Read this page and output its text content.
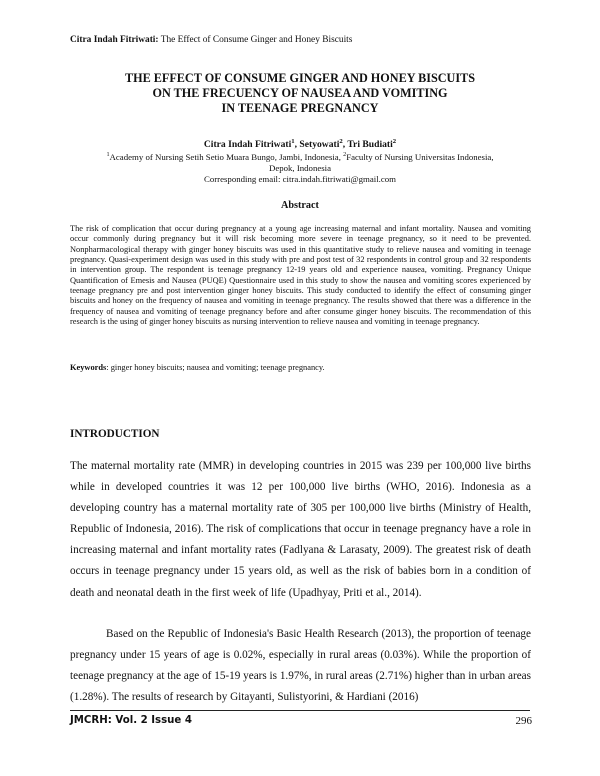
Citra Indah Fitriwati: The Effect of Consume Ginger and Honey Biscuits
THE EFFECT OF CONSUME GINGER AND HONEY BISCUITS
ON THE FRECUENCY OF NAUSEA AND VOMITING
IN TEENAGE PREGNANCY
Citra Indah Fitriwati$^1$, Setyowati$^2$, Tri Budiati$^2$
$^1$Academy of Nursing Setih Setio Muara Bungo, Jambi, Indonesia, $^2$Faculty of Nursing Universitas Indonesia,
Depok, Indonesia
Corresponding email: citra.indah.fitriwati@gmail.com
Abstract
The risk of complication that occur during pregnancy at a young age increasing maternal and infant mortality. Nausea and vomiting occur commonly during pregnancy but it will risk becoming more severe in teenage pregnancy, so it need to be prevented. Nonpharmacological therapy with ginger honey biscuits was used in this quantitative study to relieve nausea and vomiting in teenage pregnancy. Quasi-experiment design was used in this study with pre and post test of 32 respondents in control group and 32 respondents in intervention group. The respondent is teenage pregnancy 12-19 years old and experience nausea, vomiting. Pregnancy Unique Quantification of Emesis and Nausea (PUQE) Questionnaire used in this study to show the nausea and vomiting scores experienced by teenage pregnancy pre and post intervention ginger honey biscuits. This study conducted to identify the effect of consuming ginger biscuits and honey on the frequency of nausea and vomiting in teenage pregnancy. The results showed that there was a difference in the frequency of nausea and vomiting of teenage pregnancy before and after consume ginger honey biscuits. The recommendation of this research is the using of ginger honey biscuits as nursing intervention to relieve nausea and vomiting in teenage pregnancy.
Keywords: ginger honey biscuits; nausea and vomiting; teenage pregnancy.
INTRODUCTION
The maternal mortality rate (MMR) in developing countries in 2015 was 239 per 100,000 live births while in developed countries it was 12 per 100,000 live births (WHO, 2016). Indonesia as a developing country has a maternal mortality rate of 305 per 100,000 live births (Ministry of Health, Republic of Indonesia, 2016). The risk of complications that occur in teenage pregnancy have a role in increasing maternal and infant mortality rates (Fadlyana & Larasaty, 2009). The greatest risk of death occurs in teenage pregnancy under 15 years old, as well as the risk of babies born in a condition of death and neonatal death in the first week of life (Upadhyay, Priti et al., 2014).
Based on the Republic of Indonesia's Basic Health Research (2013), the proportion of teenage pregnancy under 15 years of age is 0.02%, especially in rural areas (0.03%). While the proportion of teenage pregnancy at the age of 15-19 years is 1.97%, in rural areas (2.71%) higher than in urban areas (1.28%). The results of research by Gitayanti, Sulistyorini, & Hardiani (2016)
JMCRH: Vol. 2 Issue 4	296
